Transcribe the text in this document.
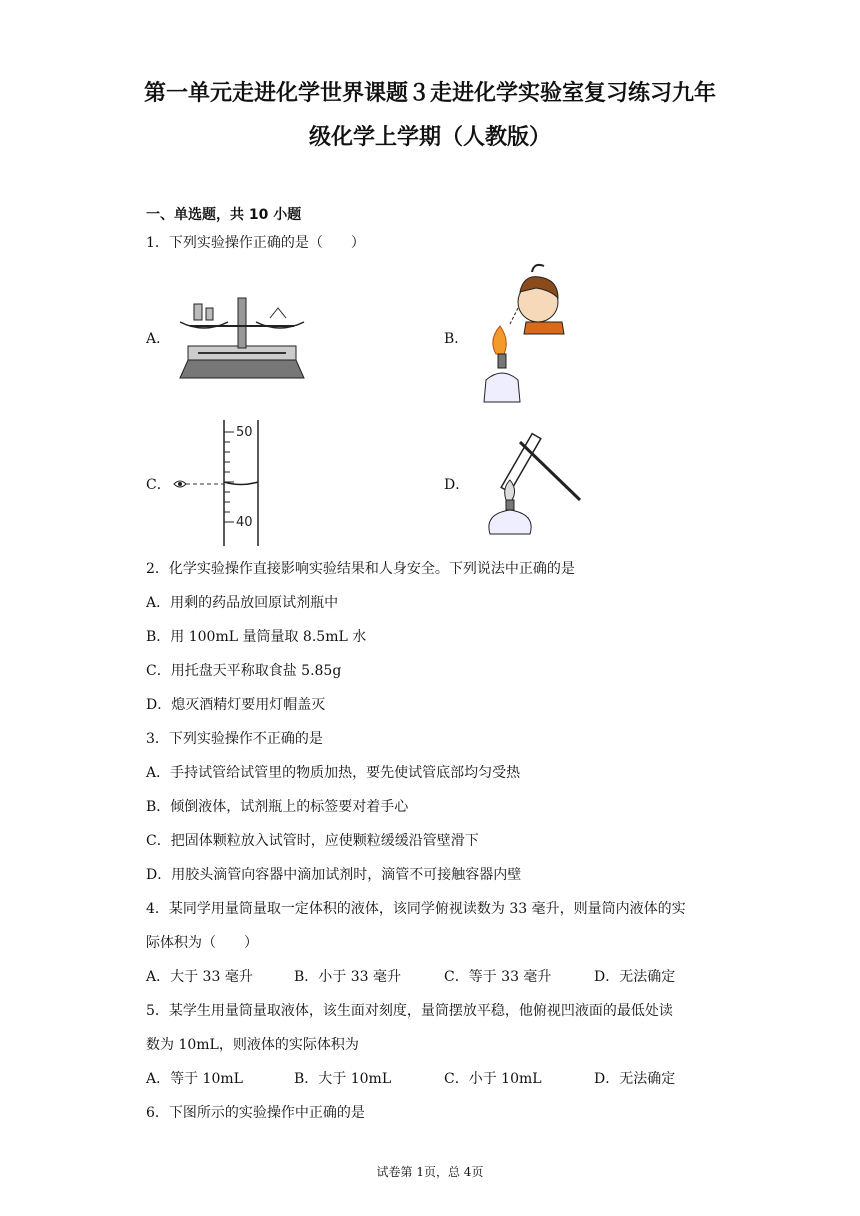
第一单元走进化学世界课题３走进化学实验室复习练习九年
级化学上学期（人教版）
一、单选题，共 10 小题
1．下列实验操作正确的是（　　）
A．	B．
C．
50
40
D．
2．化学实验操作直接影响实验结果和人身安全。下列说法中正确的是
A．用剩的药品放回原试剂瓶中
B．用 100mL 量筒量取 8.5mL 水
C．用托盘天平称取食盐 5.85g
D．熄灭酒精灯要用灯帽盖灭
3．下列实验操作不正确的是
A．手持试管给试管里的物质加热，要先使试管底部均匀受热
B．倾倒液体，试剂瓶上的标签要对着手心
C．把固体颗粒放入试管时，应使颗粒缓缓沿管壁滑下
D．用胶头滴管向容器中滴加试剂时，滴管不可接触容器内壁
4．某同学用量筒量取一定体积的液体，该同学俯视读数为 33 毫升，则量筒内液体的实
际体积为（　　）
A．大于 33 毫升	B．小于 33 毫升	C．等于 33 毫升	D．无法确定
5．某学生用量筒量取液体，该生面对刻度，量筒摆放平稳，他俯视凹液面的最低处读
数为 10mL，则液体的实际体积为
A．等于 10mL	B．大于 10mL	C．小于 10mL	D．无法确定
6．下图所示的实验操作中正确的是
试卷第 1页，总 4页
